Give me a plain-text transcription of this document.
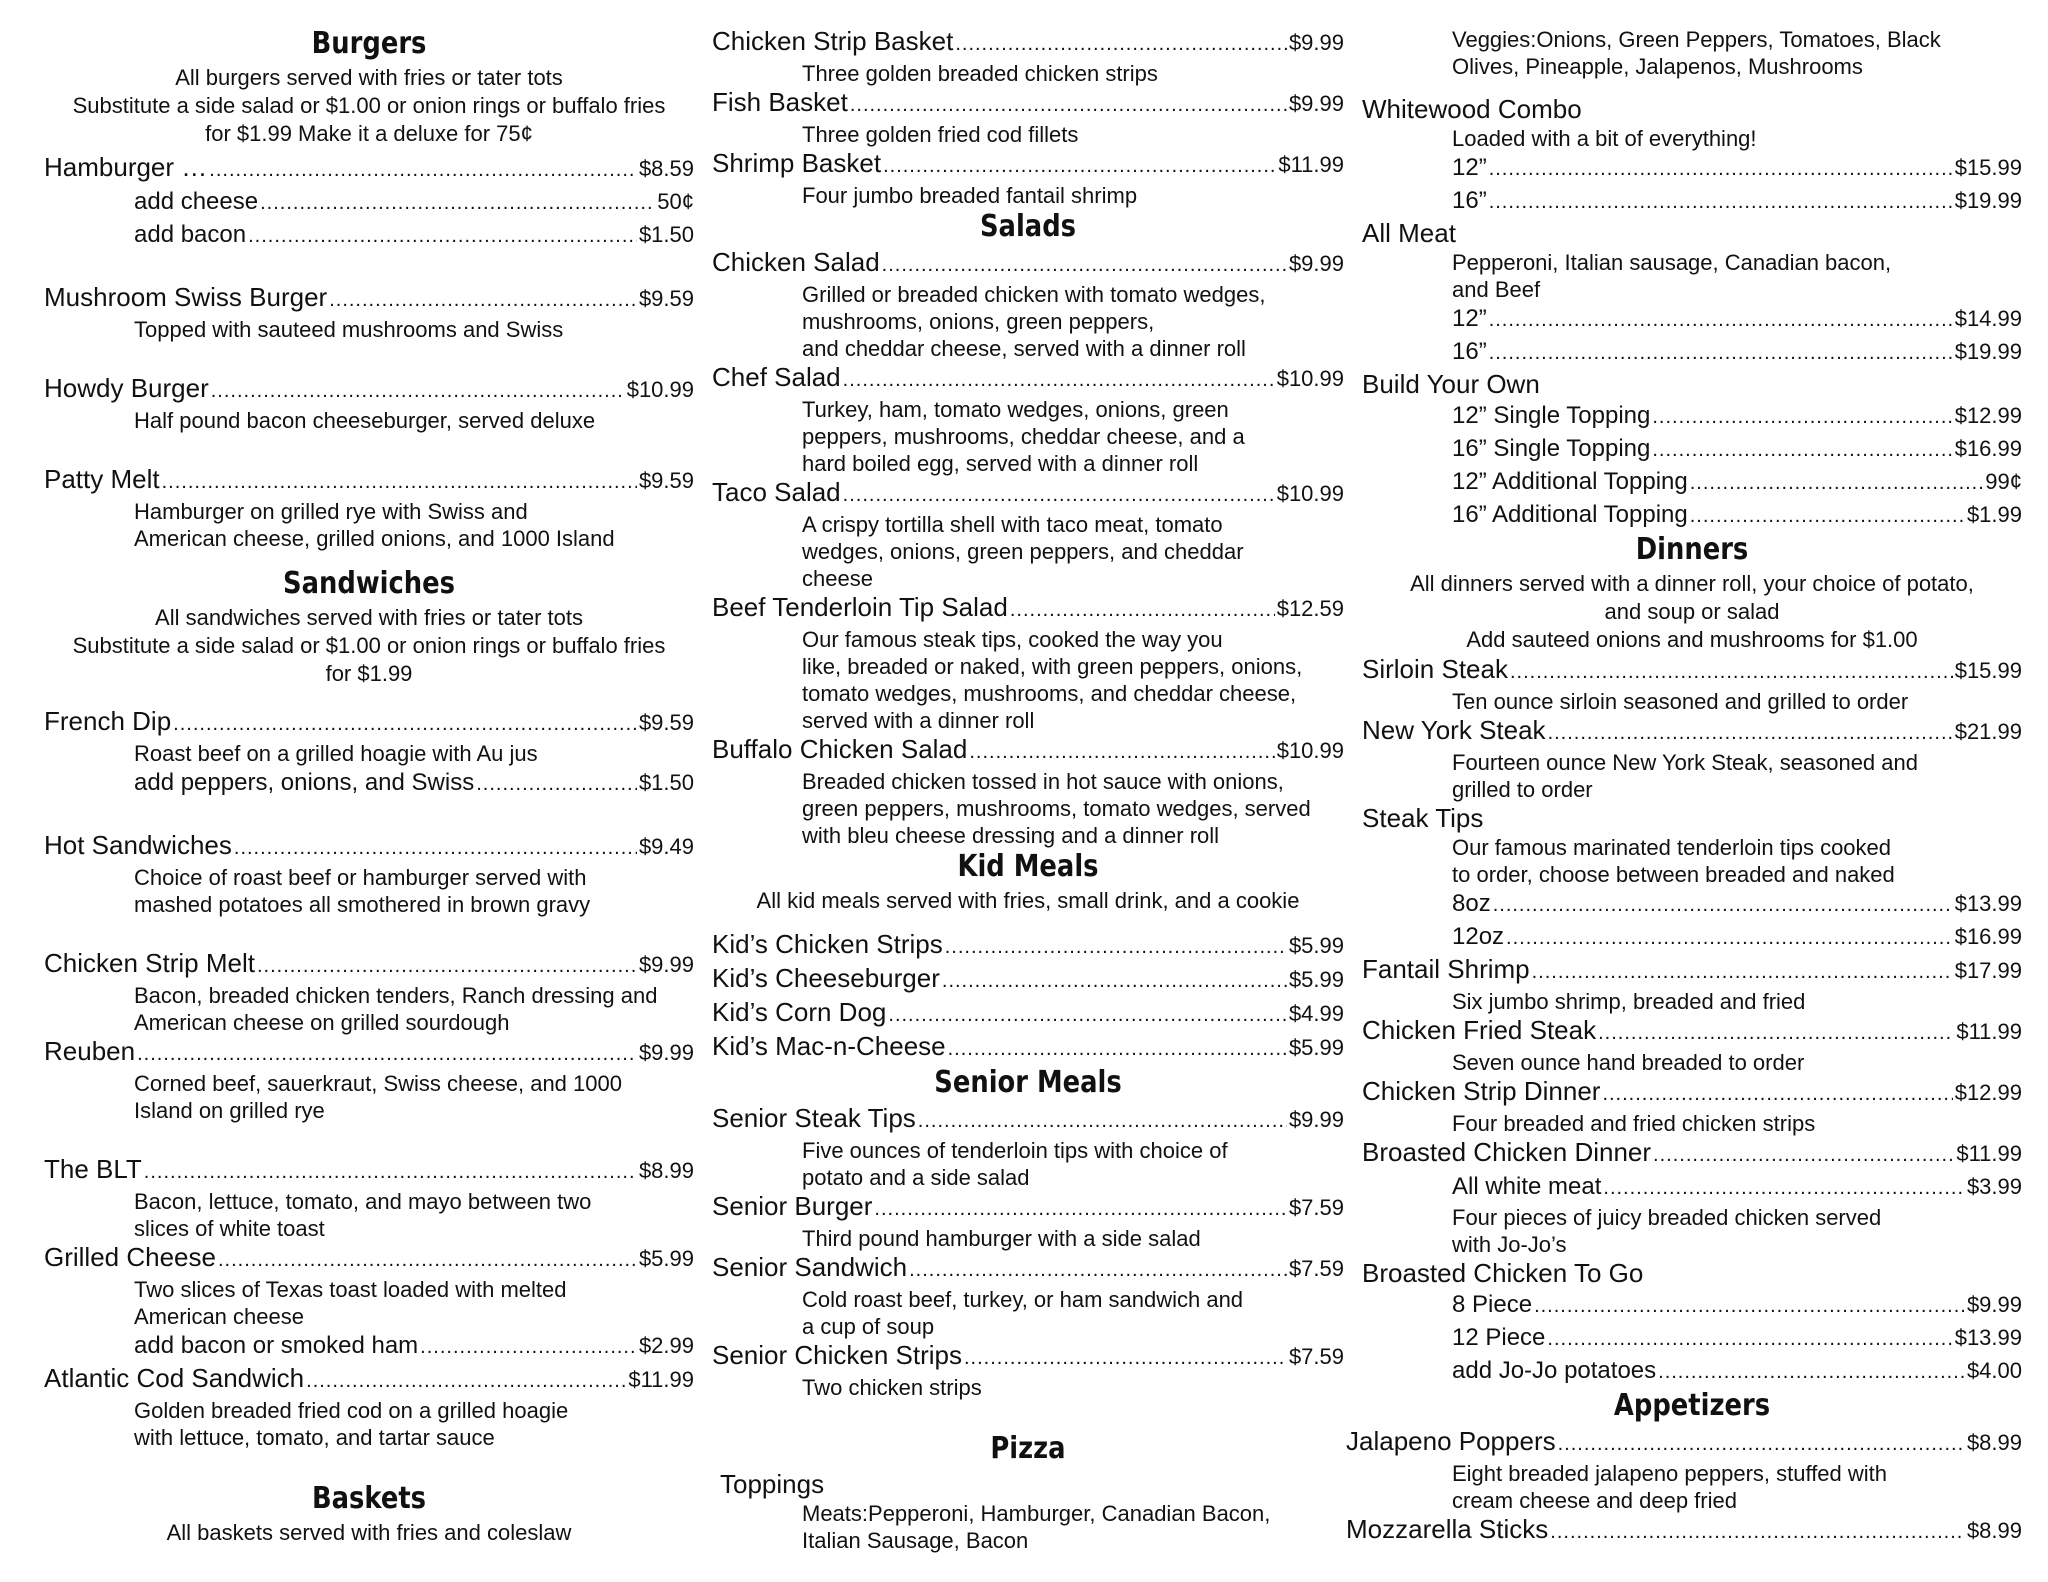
Burgers
All burgers served with fries or tater tots
Substitute a side salad or $1.00 or onion rings or buffalo fries
for $1.99 Make it a deluxe for 75¢
Hamburger … .....	$8.59
add cheese .....	50¢
add bacon .....	$1.50
Mushroom Swiss Burger .....	$9.59
Topped with sauteed mushrooms and Swiss
Howdy Burger .....	$10.99
Half pound bacon cheeseburger, served deluxe
Patty Melt .....	$9.59
Hamburger on grilled rye with Swiss and
American cheese, grilled onions, and 1000 Island
Sandwiches
All sandwiches served with fries or tater tots
Substitute a side salad or $1.00 or onion rings or buffalo fries
for $1.99
French Dip .....	$9.59
Roast beef on a grilled hoagie with Au jus
add peppers, onions, and Swiss .....	$1.50
Hot Sandwiches .....	$9.49
Choice of roast beef or hamburger served with
mashed potatoes all smothered in brown gravy
Chicken Strip Melt .....	$9.99
Bacon, breaded chicken tenders, Ranch dressing and
American cheese on grilled sourdough
Reuben .....	$9.99
Corned beef, sauerkraut, Swiss cheese, and 1000
Island on grilled rye
The BLT .....	$8.99
Bacon, lettuce, tomato, and mayo between two
slices of white toast
Grilled Cheese .....	$5.99
Two slices of Texas toast loaded with melted
American cheese
add bacon or smoked ham .....	$2.99
Atlantic Cod Sandwich .....	$11.99
Golden breaded fried cod on a grilled hoagie
with lettuce, tomato, and tartar sauce
Baskets
All baskets served with fries and coleslaw
Chicken Strip Basket .....	$9.99
Three golden breaded chicken strips
Fish Basket .....	$9.99
Three golden fried cod fillets
Shrimp Basket .....	$11.99
Four jumbo breaded fantail shrimp
Salads
Chicken Salad .....	$9.99
Grilled or breaded chicken with tomato wedges,
mushrooms, onions, green peppers,
and cheddar cheese, served with a dinner roll
Chef Salad .....	$10.99
Turkey, ham, tomato wedges, onions, green
peppers, mushrooms, cheddar cheese, and a
hard boiled egg, served with a dinner roll
Taco Salad .....	$10.99
A crispy tortilla shell with taco meat, tomato
wedges, onions, green peppers, and cheddar
cheese
Beef Tenderloin Tip Salad .....	$12.59
Our famous steak tips, cooked the way you
like, breaded or naked, with green peppers, onions,
tomato wedges, mushrooms, and cheddar cheese,
served with a dinner roll
Buffalo Chicken Salad .....	$10.99
Breaded chicken tossed in hot sauce with onions,
green peppers, mushrooms, tomato wedges, served
with bleu cheese dressing and a dinner roll
Kid Meals
All kid meals served with fries, small drink, and a cookie
Kid’s Chicken Strips .....	$5.99
Kid’s Cheeseburger .....	$5.99
Kid’s Corn Dog .....	$4.99
Kid’s Mac-n-Cheese .....	$5.99
Senior Meals
Senior Steak Tips .....	$9.99
Five ounces of tenderloin tips with choice of
potato and a side salad
Senior Burger .....	$7.59
Third pound hamburger with a side salad
Senior Sandwich .....	$7.59
Cold roast beef, turkey, or ham sandwich and
a cup of soup
Senior Chicken Strips .....	$7.59
Two chicken strips
Pizza
Toppings
Meats:Pepperoni, Hamburger, Canadian Bacon,
Italian Sausage, Bacon
Veggies:Onions, Green Peppers, Tomatoes, Black
Olives, Pineapple, Jalapenos, Mushrooms
Whitewood Combo
Loaded with a bit of everything!
12” .....	$15.99
16” .....	$19.99
All Meat
Pepperoni, Italian sausage, Canadian bacon,
and Beef
12” .....	$14.99
16” .....	$19.99
Build Your Own
12” Single Topping .....	$12.99
16” Single Topping .....	$16.99
12” Additional Topping .....	99¢
16” Additional Topping .....	$1.99
Dinners
All dinners served with a dinner roll, your choice of potato,
and soup or salad
Add sauteed onions and mushrooms for $1.00
Sirloin Steak .....	$15.99
Ten ounce sirloin seasoned and grilled to order
New York Steak .....	$21.99
Fourteen ounce New York Steak, seasoned and
grilled to order
Steak Tips
Our famous marinated tenderloin tips cooked
to order, choose between breaded and naked
8oz .....	$13.99
12oz .....	$16.99
Fantail Shrimp .....	$17.99
Six jumbo shrimp, breaded and fried
Chicken Fried Steak .....	$11.99
Seven ounce hand breaded to order
Chicken Strip Dinner .....	$12.99
Four breaded and fried chicken strips
Broasted Chicken Dinner .....	$11.99
All white meat .....	$3.99
Four pieces of juicy breaded chicken served
with Jo-Jo’s
Broasted Chicken To Go
8 Piece .....	$9.99
12 Piece .....	$13.99
add Jo-Jo potatoes .....	$4.00
Appetizers
Jalapeno Poppers .....	$8.99
Eight breaded jalapeno peppers, stuffed with
cream cheese and deep fried
Mozzarella Sticks .....	$8.99
